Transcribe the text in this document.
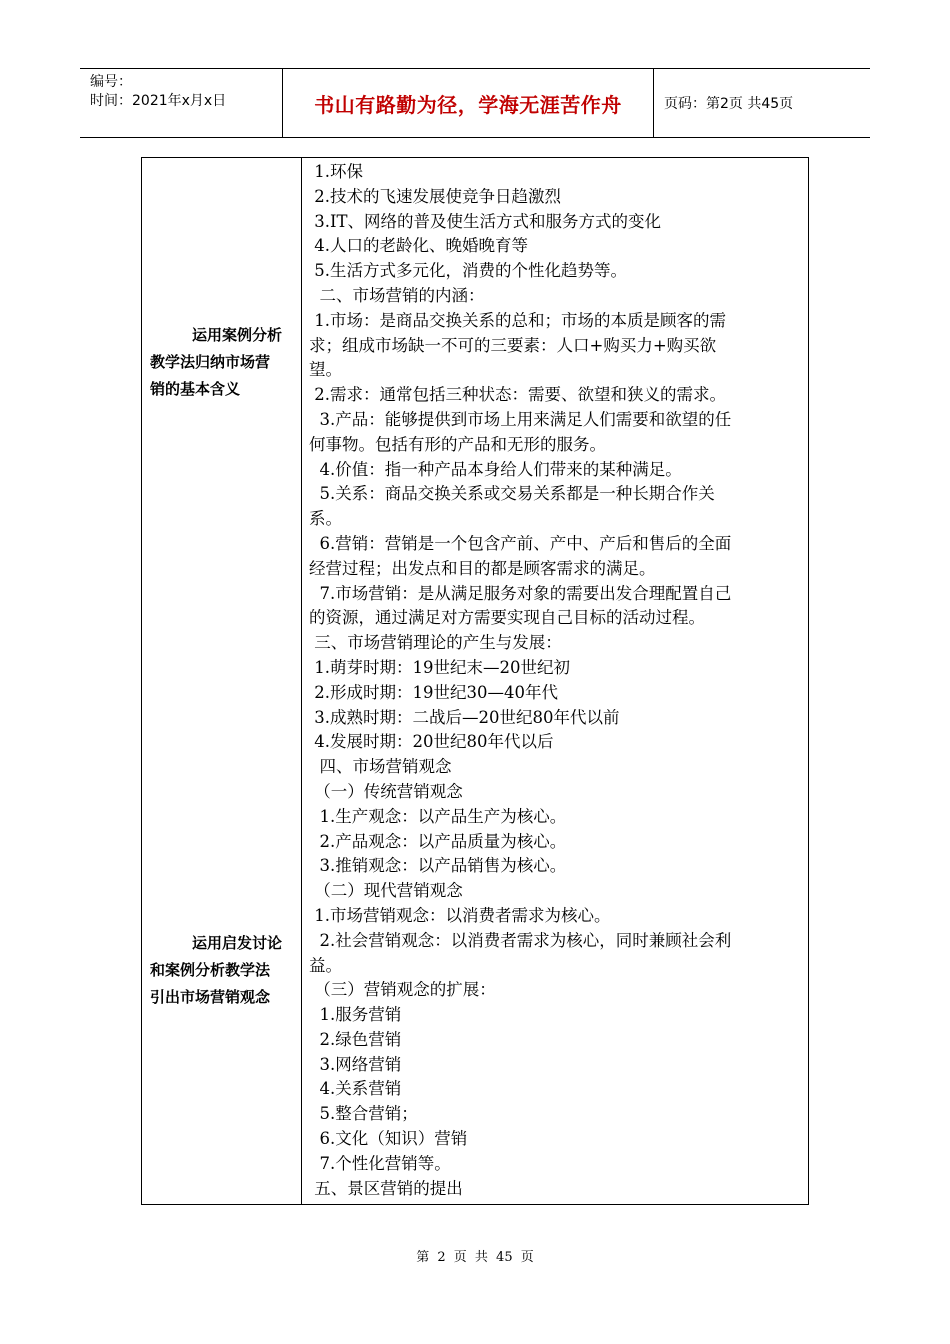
编号：
时间：2021年x月x日	书山有路勤为径，学海无涯苦作舟	页码：第2页 共45页
运用案例分析
教学法归纳市场营
销的基本含义
运用启发讨论
和案例分析教学法
引出市场营销观念
1.环保
2.技术的飞速发展使竞争日趋激烈
3.IT、网络的普及使生活方式和服务方式的变化
4.人口的老龄化、晚婚晚育等
5.生活方式多元化，消费的个性化趋势等。
二、市场营销的内涵：
1.市场：是商品交换关系的总和；市场的本质是顾客的需
求；组成市场缺一不可的三要素：人口+购买力+购买欲
望。
2.需求：通常包括三种状态：需要、欲望和狭义的需求。
3.产品：能够提供到市场上用来满足人们需要和欲望的任
何事物。包括有形的产品和无形的服务。
4.价值：指一种产品本身给人们带来的某种满足。
5.关系：商品交换关系或交易关系都是一种长期合作关
系。
6.营销：营销是一个包含产前、产中、产后和售后的全面
经营过程；出发点和目的都是顾客需求的满足。
7.市场营销：是从满足服务对象的需要出发合理配置自己
的资源，通过满足对方需要实现自己目标的活动过程。
三、市场营销理论的产生与发展：
1.萌芽时期：19世纪末—20世纪初
2.形成时期：19世纪30—40年代
3.成熟时期：二战后—20世纪80年代以前
4.发展时期：20世纪80年代以后
四、市场营销观念
（一）传统营销观念
1.生产观念：以产品生产为核心。
2.产品观念：以产品质量为核心。
3.推销观念：以产品销售为核心。
（二）现代营销观念
1.市场营销观念：以消费者需求为核心。
2.社会营销观念：以消费者需求为核心，同时兼顾社会利
益。
（三）营销观念的扩展：
1.服务营销
2.绿色营销
3.网络营销
4.关系营销
5.整合营销；
6.文化（知识）营销
7.个性化营销等。
五、景区营销的提出
第 2 页 共 45 页
